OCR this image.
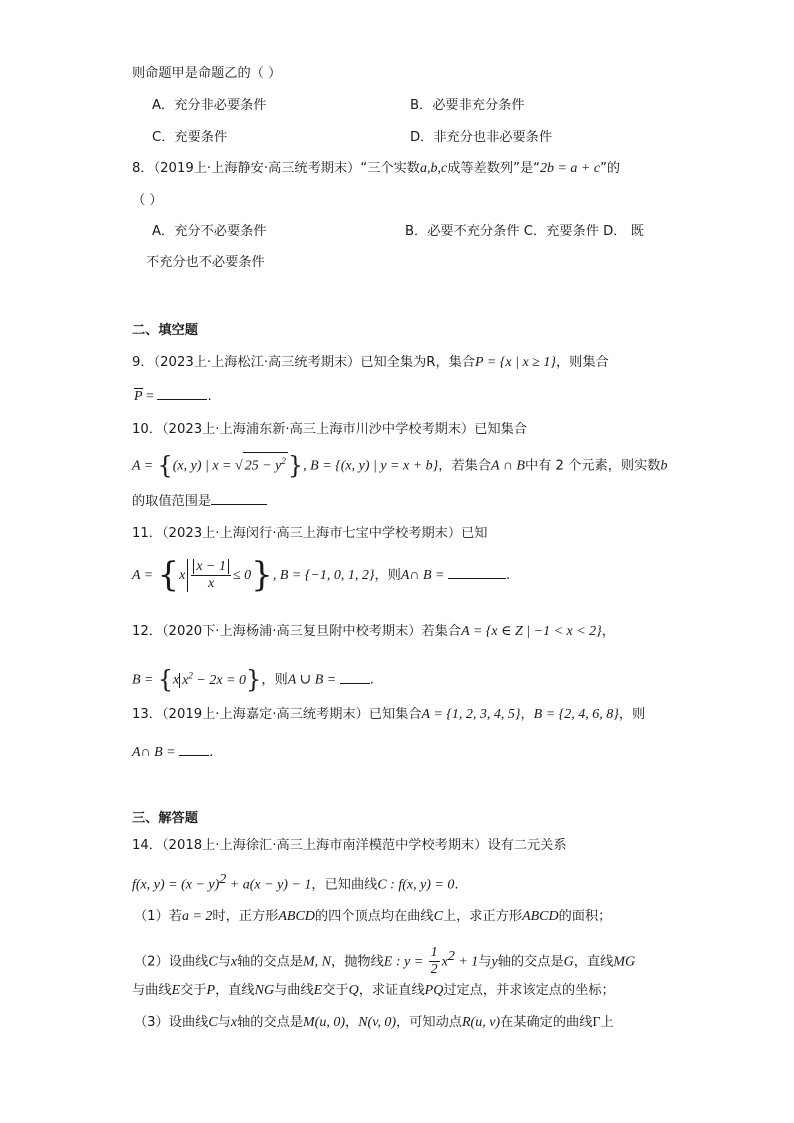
则命题甲是命题乙的（ ）
A．充分非必要条件	B．必要非充分条件
C．充要条件	D．非充分也非必要条件
8．（2019上·上海静安·高三统考期末）“三个实数a,b,c成等差数列”是“2b = a + c”的
（ ）
A．充分不必要条件	B．必要不充分条件 C．充要条件 D． 既
不充分也不必要条件
二、填空题
9．（2023上·上海松江·高三统考期末）已知全集为R，集合P = {x | x ≥ 1}，则集合
P =	.
10．（2023上·上海浦东新·高三上海市川沙中学校考期末）已知集合
A = {(x, y) | x = √ $25 - y^2$}, B = {(x, y) | y = x + b}，若集合A ∩ B中有 2 个元素，则实数b
的取值范围是
11．（2023上·上海闵行·高三上海市七宝中学校考期末）已知
$A = \{x \frac{x - 1}{x} \le 0\}$, B = {−1, 0, 1, 2}，则A∩ B =	.
12．（2020下·上海杨浦·高三复旦附中校考期末）若集合A = {x ∈ Z | −1 < x < 2}，
B = {x $x^2 - 2x = 0$}，则A ∪ B = .
13．（2019上·上海嘉定·高三统考期末）已知集合A = {1, 2, 3, 4, 5}，B = {2, 4, 6, 8}，则
A∩ B = .
三、解答题
14．（2018上·上海徐汇·高三上海市南洋模范中学校考期末）设有二元关系
f(x, $y) = (x - y)^2 + a(x - y) - 1$，已知曲线C : f(x, y) = 0.
（1）若a = 2时，正方形ABCD的四个顶点均在曲线C上，求正方形ABCD的面积；
（2）设曲线C与x轴的交点是M, N，抛物线E : $y = \frac{1}{2} x^2 + 1$与y轴的交点是G，直线MG
与曲线E交于P，直线NG与曲线E交于Q，求证直线PQ过定点，并求该定点的坐标；
（3）设曲线C与x轴的交点是M(u, 0)，N(v, 0)，可知动点R(u, v)在某确定的曲线Γ上
